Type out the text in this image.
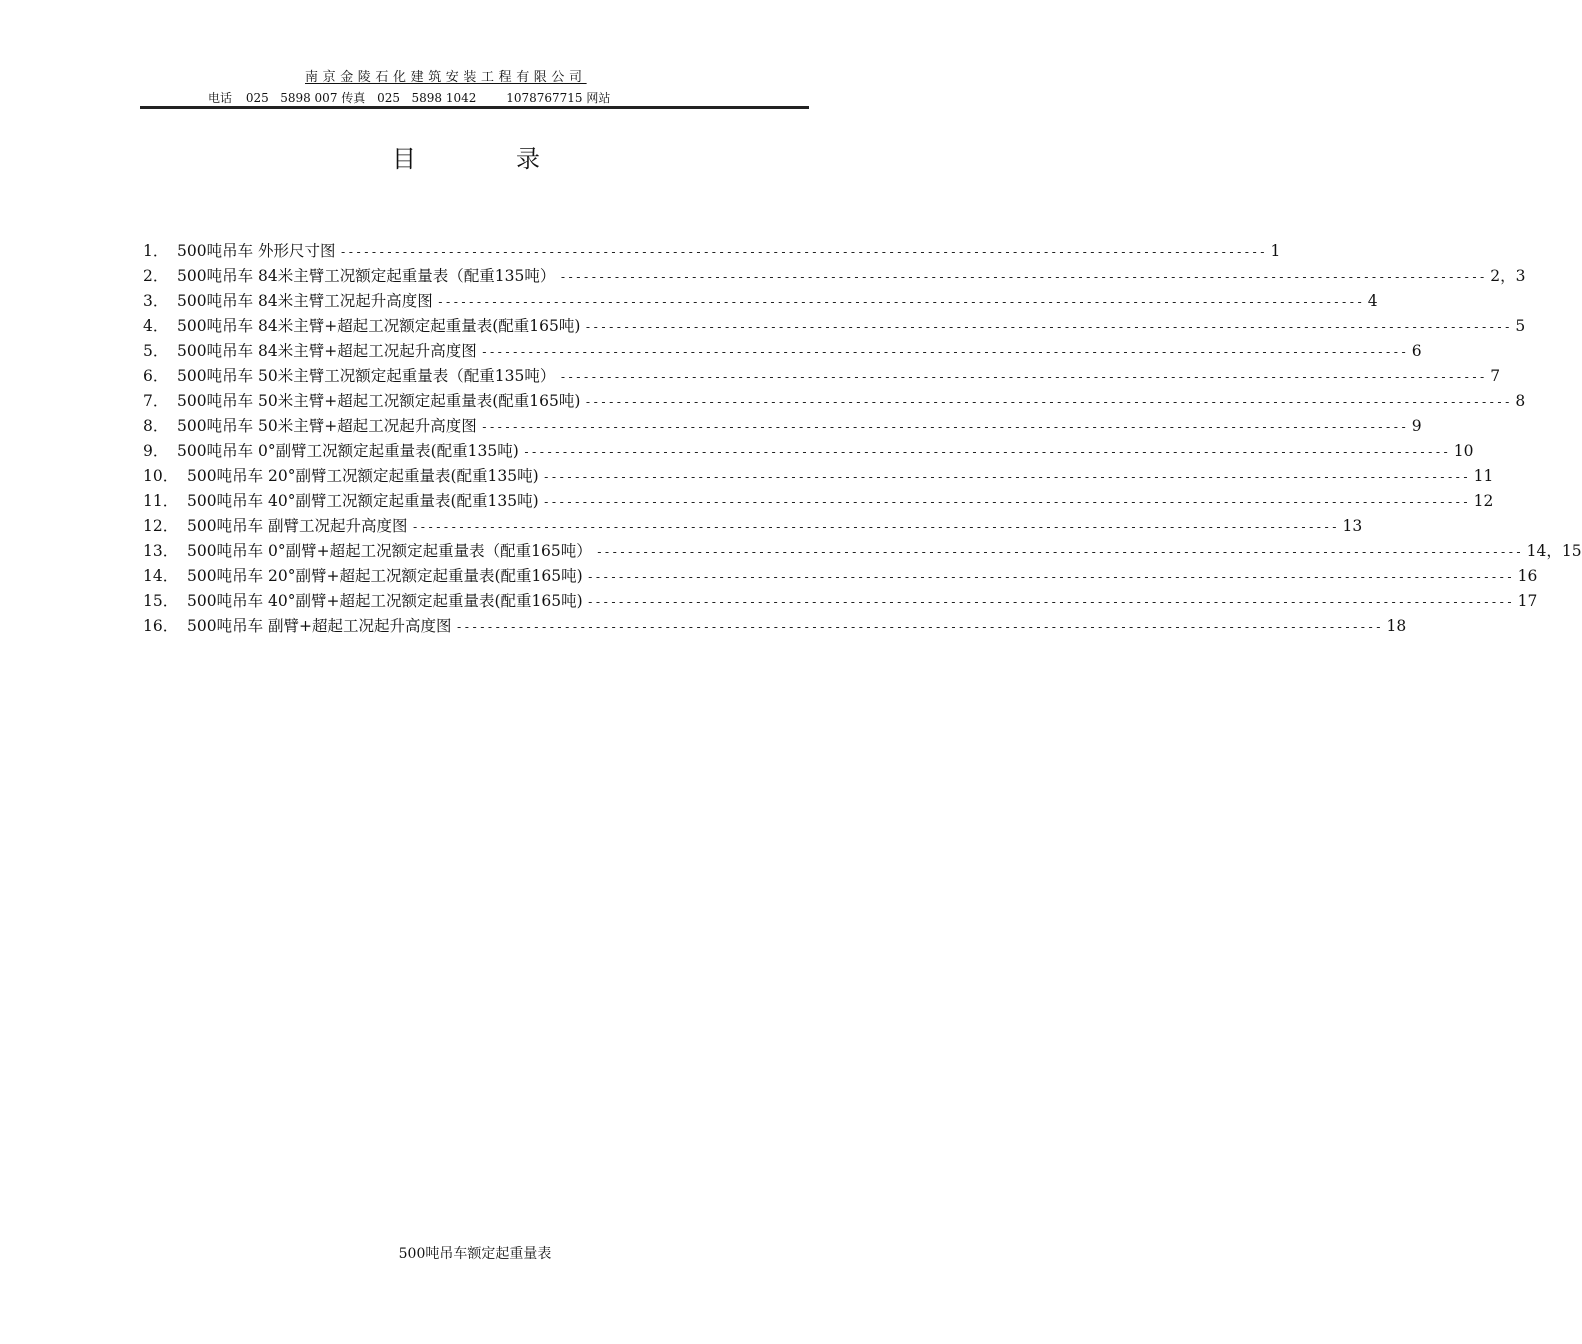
南京金陵石化建筑安装工程有限公司
电话 025   5898 007 传真 025   5898 1042 1078767715 网站
目	录
1． 500吨吊车 外形尺寸图 ------------------------------------------------------------------------------------------------------------------------ 1
2． 500吨吊车 84米主臂工况额定起重量表（配重135吨） ------------------------------------------------------------------------------------------------------------------------ 2，3
3． 500吨吊车 84米主臂工况起升高度图 ------------------------------------------------------------------------------------------------------------------------ 4
4． 500吨吊车 84米主臂+超起工况额定起重量表(配重165吨) ------------------------------------------------------------------------------------------------------------------------ 5
5． 500吨吊车 84米主臂+超起工况起升高度图 ------------------------------------------------------------------------------------------------------------------------ 6
6． 500吨吊车 50米主臂工况额定起重量表（配重135吨） ------------------------------------------------------------------------------------------------------------------------ 7
7． 500吨吊车 50米主臂+超起工况额定起重量表(配重165吨) ------------------------------------------------------------------------------------------------------------------------ 8
8． 500吨吊车 50米主臂+超起工况起升高度图 ------------------------------------------------------------------------------------------------------------------------ 9
9． 500吨吊车 0°副臂工况额定起重量表(配重135吨) ------------------------------------------------------------------------------------------------------------------------ 10
10． 500吨吊车 20°副臂工况额定起重量表(配重135吨) ------------------------------------------------------------------------------------------------------------------------ 11
11． 500吨吊车 40°副臂工况额定起重量表(配重135吨) ------------------------------------------------------------------------------------------------------------------------ 12
12． 500吨吊车 副臂工况起升高度图 ------------------------------------------------------------------------------------------------------------------------ 13
13． 500吨吊车 0°副臂+超起工况额定起重量表（配重165吨） ------------------------------------------------------------------------------------------------------------------------ 14，15
14． 500吨吊车 20°副臂+超起工况额定起重量表(配重165吨) ------------------------------------------------------------------------------------------------------------------------ 16
15． 500吨吊车 40°副臂+超起工况额定起重量表(配重165吨) ------------------------------------------------------------------------------------------------------------------------ 17
16． 500吨吊车 副臂+超起工况起升高度图 ------------------------------------------------------------------------------------------------------------------------ 18
500吨吊车额定起重量表
